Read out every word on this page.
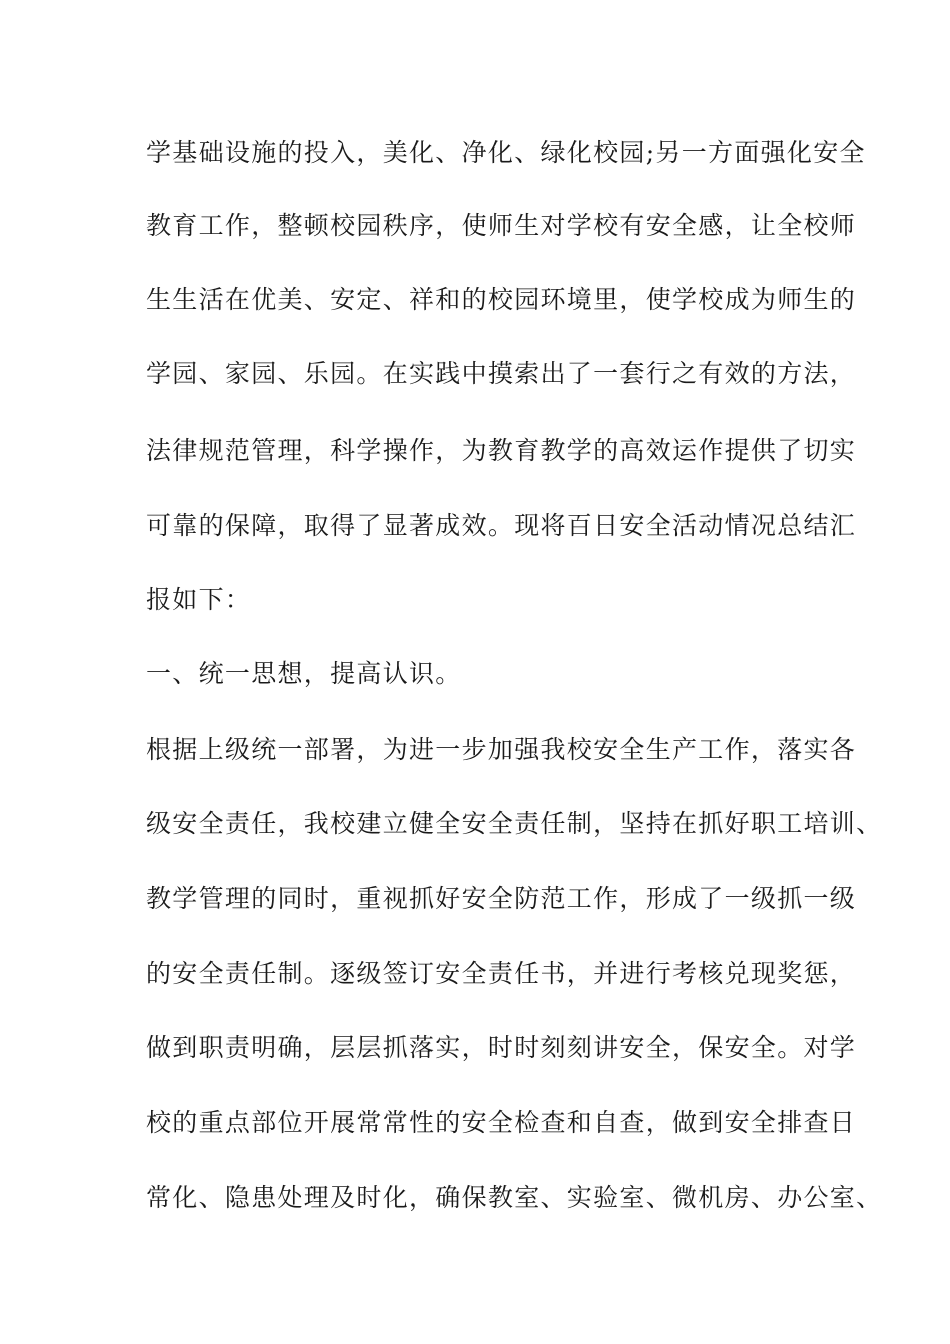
学基础设施的投入，美化、净化、绿化校园;另一方面强化安全
教育工作，整顿校园秩序，使师生对学校有安全感，让全校师
生生活在优美、安定、祥和的校园环境里，使学校成为师生的
学园、家园、乐园。在实践中摸索出了一套行之有效的方法，
法律规范管理，科学操作，为教育教学的高效运作提供了切实
可靠的保障，取得了显著成效。现将百日安全活动情况总结汇
报如下：
一、统一思想，提高认识。
根据上级统一部署，为进一步加强我校安全生产工作，落实各
级安全责任，我校建立健全安全责任制，坚持在抓好职工培训、
教学管理的同时，重视抓好安全防范工作，形成了一级抓一级
的安全责任制。逐级签订安全责任书，并进行考核兑现奖惩，
做到职责明确，层层抓落实，时时刻刻讲安全，保安全。对学
校的重点部位开展常常性的安全检查和自查，做到安全排查日
常化、隐患处理及时化，确保教室、实验室、微机房、办公室、
